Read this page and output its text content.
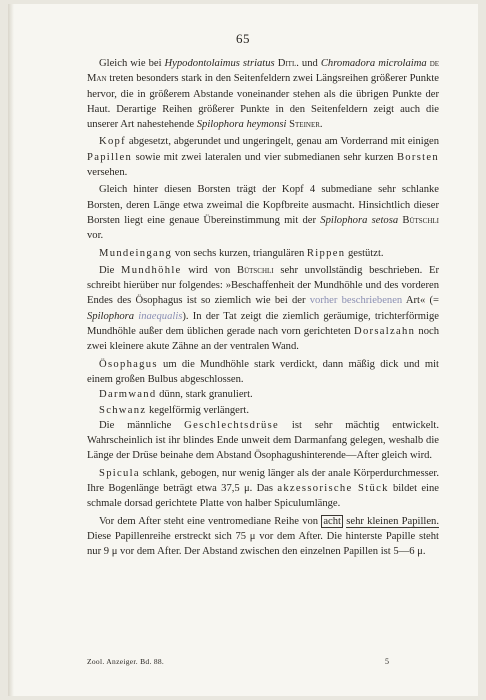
65

Gleich wie bei Hypodontolaimus striatus Ditl. und Chromadora microlaima de Man treten besonders stark in den Seitenfeldern zwei Längsreihen größerer Punkte hervor, die in größerem Abstande voneinander stehen als die übrigen Punkte der Haut. Derartige Reihen größerer Punkte in den Seitenfeldern zeigt auch die unserer Art nahestehende Spilophora heymonsi Steiner.

Kopf abgesetzt, abgerundet und ungeringelt, genau am Vorderrand mit einigen Papillen sowie mit zwei lateralen und vier submedianen sehr kurzen Borsten versehen.

Gleich hinter diesen Borsten trägt der Kopf 4 submediane sehr schlanke Borsten, deren Länge etwa zweimal die Kopfbreite ausmacht. Hinsichtlich dieser Borsten liegt eine genaue Übereinstimmung mit der Spilophora setosa Bütschli vor.

Mundeingang von sechs kurzen, triangulären Rippen gestützt.

Die Mundhöhle wird von Bütschli sehr unvollständig beschrieben. Er schreibt hierüber nur folgendes: »Beschaffenheit der Mundhöhle und des vorderen Endes des Ösophagus ist so ziemlich wie bei der vorher beschriebenen Art« (= Spilophora inaequalis). In der Tat zeigt die ziemlich geräumige, trichterförmige Mundhöhle außer dem üblichen gerade nach vorn gerichteten Dorsalzahn noch zwei kleinere akute Zähne an der ventralen Wand.

Ösophagus um die Mundhöhle stark verdickt, dann mäßig dick und mit einem großen Bulbus abgeschlossen.

Darmwand dünn, stark granuliert.

Schwanz kegelförmig verlängert.

Die männliche Geschlechtsdrüse ist sehr mächtig entwickelt. Wahrscheinlich ist ihr blindes Ende unweit dem Darmanfang gelegen, weshalb die Länge der Drüse beinahe dem Abstand Ösophagushinterende—After gleich wird.

Spicula schlank, gebogen, nur wenig länger als der anale Körperdurchmesser. Ihre Bogenlänge beträgt etwa 37,5 μ. Das akzessorische Stück bildet eine schmale dorsad gerichtete Platte von halber Spiculumlänge.

Vor dem After steht eine ventromediane Reihe von acht sehr kleinen Papillen. Diese Papillenreihe erstreckt sich 75 μ vor dem After. Die hinterste Papille steht nur 9 μ vor dem After. Der Abstand zwischen den einzelnen Papillen ist 5—6 μ.

Zool. Anzeiger. Bd. 88.	5
